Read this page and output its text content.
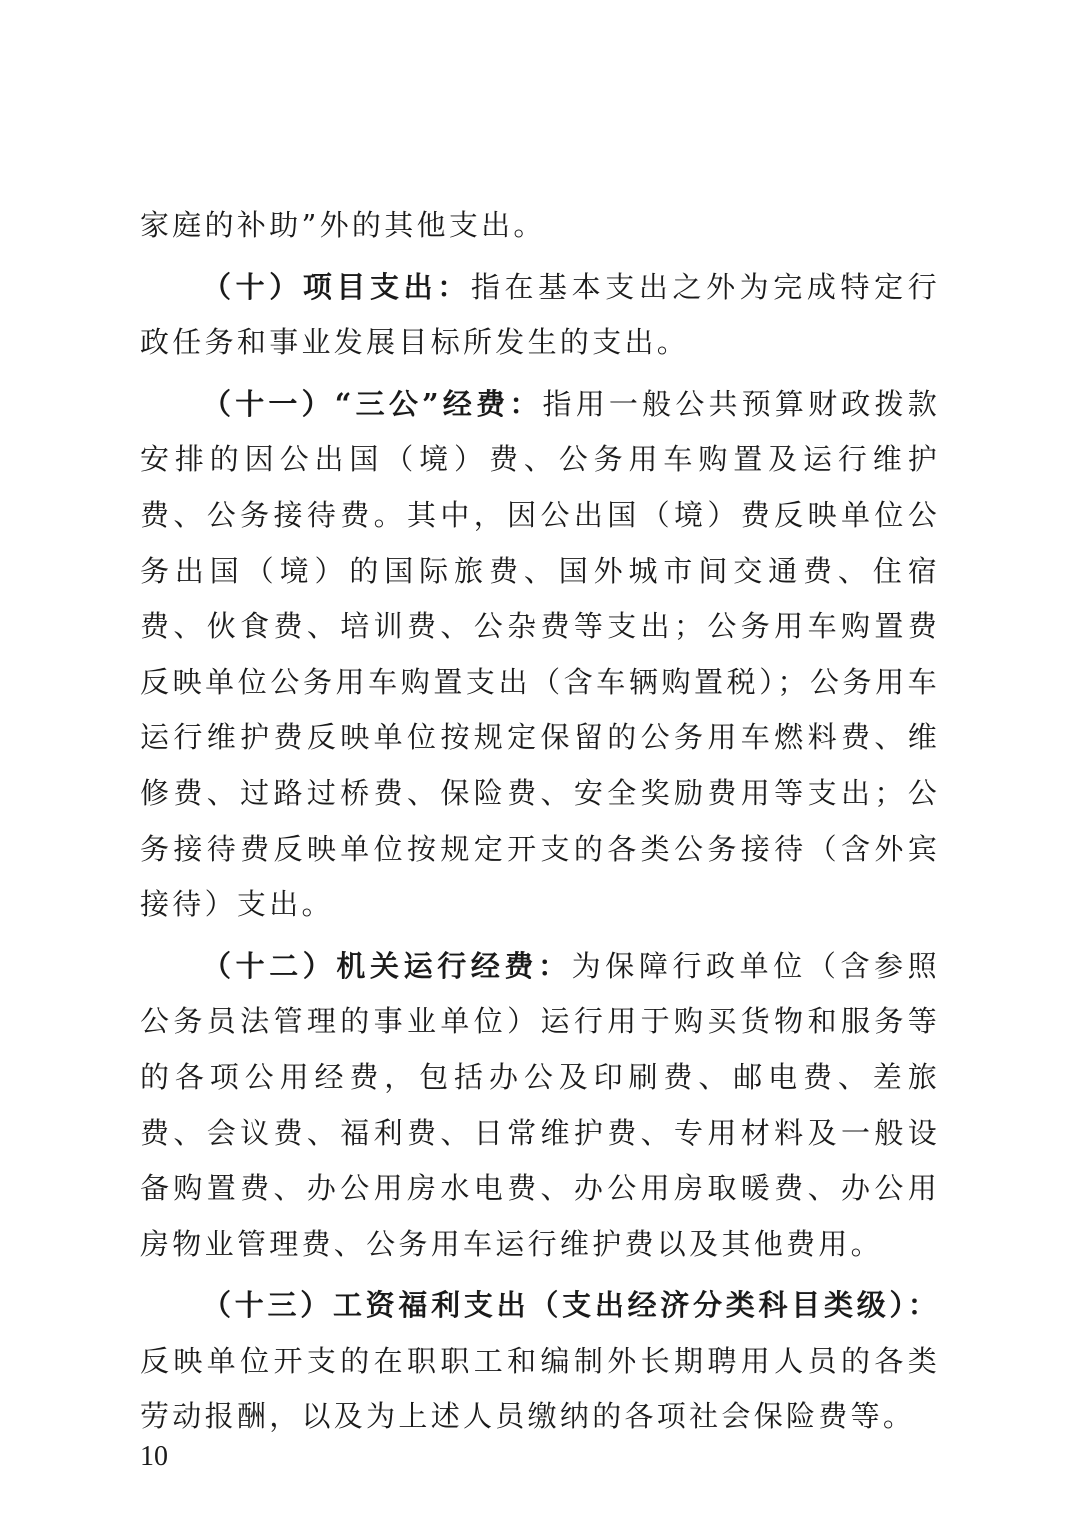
家庭的补助”外的其他支出。

（十）项目支出：指在基本支出之外为完成特定行政任务和事业发展目标所发生的支出。

（十一）“三公”经费：指用一般公共预算财政拨款安排的因公出国（境）费、公务用车购置及运行维护费、公务接待费。其中，因公出国（境）费反映单位公务出国（境）的国际旅费、国外城市间交通费、住宿费、伙食费、培训费、公杂费等支出；公务用车购置费反映单位公务用车购置支出（含车辆购置税）；公务用车运行维护费反映单位按规定保留的公务用车燃料费、维修费、过路过桥费、保险费、安全奖励费用等支出；公务接待费反映单位按规定开支的各类公务接待（含外宾接待）支出。

（十二）机关运行经费：为保障行政单位（含参照公务员法管理的事业单位）运行用于购买货物和服务等的各项公用经费，包括办公及印刷费、邮电费、差旅费、会议费、福利费、日常维护费、专用材料及一般设备购置费、办公用房水电费、办公用房取暖费、办公用房物业管理费、公务用车运行维护费以及其他费用。

（十三）工资福利支出（支出经济分类科目类级）：反映单位开支的在职职工和编制外长期聘用人员的各类劳动报酬，以及为上述人员缴纳的各项社会保险费等。

10
